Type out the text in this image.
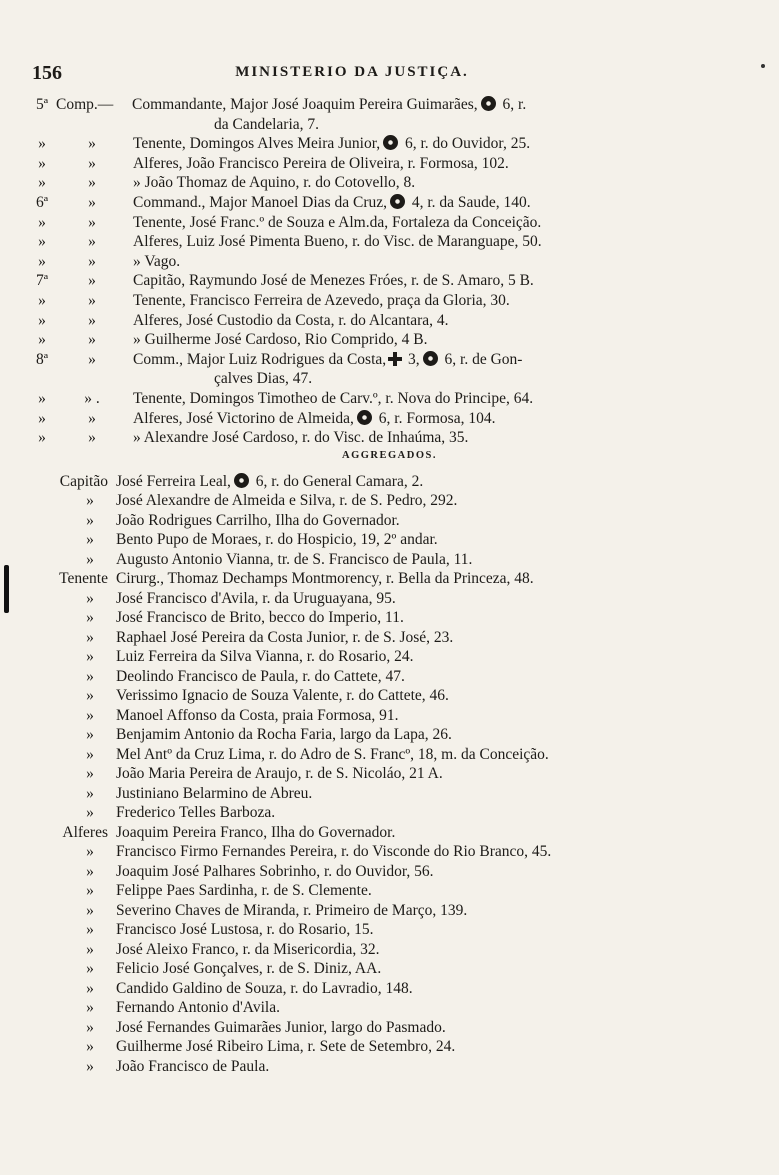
156	MINISTERIO DA JUSTIÇA.
5ª Comp.— Commandante, Major José Joaquim Pereira Guimarães, 6, r.
da Candelaria, 7.
»	»	Tenente, Domingos Alves Meira Junior, 6, r. do Ouvidor, 25.
»	»	Alferes, João Francisco Pereira de Oliveira, r. Formosa, 102.
»	»	» João Thomaz de Aquino, r. do Cotovello, 8.
6ª	»	Command., Major Manoel Dias da Cruz, 4, r. da Saude, 140.
»	»	Tenente, José Franc.º de Souza e Alm.da, Fortaleza da Conceição.
»	»	Alferes, Luiz José Pimenta Bueno, r. do Visc. de Maranguape, 50.
»	»	» Vago.
7ª	»	Capitão, Raymundo José de Menezes Fróes, r. de S. Amaro, 5 B.
»	»	Tenente, Francisco Ferreira de Azevedo, praça da Gloria, 30.
»	»	Alferes, José Custodio da Costa, r. do Alcantara, 4.
»	»	» Guilherme José Cardoso, Rio Comprido, 4 B.
8ª	»	Comm., Major Luiz Rodrigues da Costa, 3, 6, r. de Gon-
çalves Dias, 47.
»	» . Tenente, Domingos Timotheo de Carv.º, r. Nova do Principe, 64.
»	»	Alferes, José Victorino de Almeida, 6, r. Formosa, 104.
»	»	» Alexandre José Cardoso, r. do Visc. de Inhaúma, 35.
AGGREGADOS.
Capitão José Ferreira Leal, 6, r. do General Camara, 2.
»	José Alexandre de Almeida e Silva, r. de S. Pedro, 292.
»	João Rodrigues Carrilho, Ilha do Governador.
»	Bento Pupo de Moraes, r. do Hospicio, 19, 2º andar.
»	Augusto Antonio Vianna, tr. de S. Francisco de Paula, 11.
Tenente Cirurg., Thomaz Dechamps Montmorency, r. Bella da Princeza, 48.
»	José Francisco d'Avila, r. da Uruguayana, 95.
»	José Francisco de Brito, becco do Imperio, 11.
»	Raphael José Pereira da Costa Junior, r. de S. José, 23.
»	Luiz Ferreira da Silva Vianna, r. do Rosario, 24.
»	Deolindo Francisco de Paula, r. do Cattete, 47.
»	Verissimo Ignacio de Souza Valente, r. do Cattete, 46.
»	Manoel Affonso da Costa, praia Formosa, 91.
»	Benjamim Antonio da Rocha Faria, largo da Lapa, 26.
»	Mel Antº da Cruz Lima, r. do Adro de S. Francº, 18, m. da Conceição.
»	João Maria Pereira de Araujo, r. de S. Nicoláo, 21 A.
»	Justiniano Belarmino de Abreu.
»	Frederico Telles Barboza.
Alferes Joaquim Pereira Franco, Ilha do Governador.
»	Francisco Firmo Fernandes Pereira, r. do Visconde do Rio Branco, 45.
»	Joaquim José Palhares Sobrinho, r. do Ouvidor, 56.
»	Felippe Paes Sardinha, r. de S. Clemente.
»	Severino Chaves de Miranda, r. Primeiro de Março, 139.
»	Francisco José Lustosa, r. do Rosario, 15.
»	José Aleixo Franco, r. da Misericordia, 32.
»	Felicio José Gonçalves, r. de S. Diniz, AA.
»	Candido Galdino de Souza, r. do Lavradio, 148.
»	Fernando Antonio d'Avila.
»	José Fernandes Guimarães Junior, largo do Pasmado.
»	Guilherme José Ribeiro Lima, r. Sete de Setembro, 24.
»	João Francisco de Paula.
